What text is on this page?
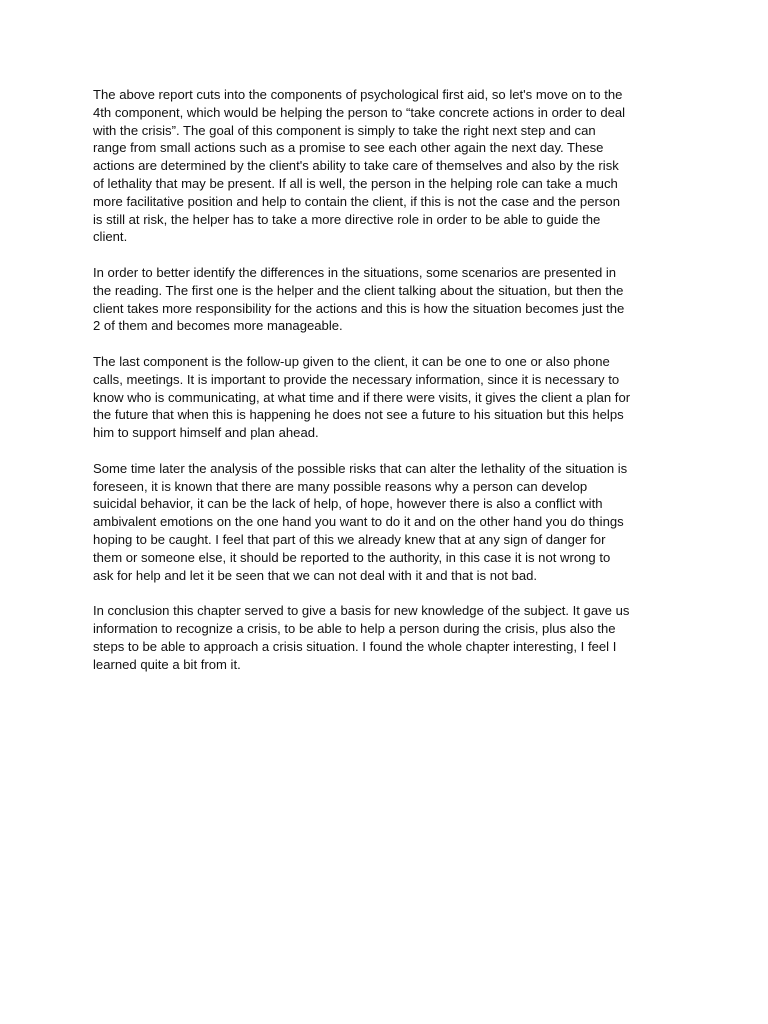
The above report cuts into the components of psychological first aid, so let's move on to the
4th component, which would be helping the person to “take concrete actions in order to deal
with the crisis”. The goal of this component is simply to take the right next step and can
range from small actions such as a promise to see each other again the next day. These
actions are determined by the client's ability to take care of themselves and also by the risk
of lethality that may be present. If all is well, the person in the helping role can take a much
more facilitative position and help to contain the client, if this is not the case and the person
is still at risk, the helper has to take a more directive role in order to be able to guide the
client.

In order to better identify the differences in the situations, some scenarios are presented in
the reading. The first one is the helper and the client talking about the situation, but then the
client takes more responsibility for the actions and this is how the situation becomes just the
2 of them and becomes more manageable.

The last component is the follow-up given to the client, it can be one to one or also phone
calls, meetings. It is important to provide the necessary information, since it is necessary to
know who is communicating, at what time and if there were visits, it gives the client a plan for
the future that when this is happening he does not see a future to his situation but this helps
him to support himself and plan ahead.

Some time later the analysis of the possible risks that can alter the lethality of the situation is
foreseen, it is known that there are many possible reasons why a person can develop
suicidal behavior, it can be the lack of help, of hope, however there is also a conflict with
ambivalent emotions on the one hand you want to do it and on the other hand you do things
hoping to be caught. I feel that part of this we already knew that at any sign of danger for
them or someone else, it should be reported to the authority, in this case it is not wrong to
ask for help and let it be seen that we can not deal with it and that is not bad.

In conclusion this chapter served to give a basis for new knowledge of the subject. It gave us
information to recognize a crisis, to be able to help a person during the crisis, plus also the
steps to be able to approach a crisis situation. I found the whole chapter interesting, I feel I
learned quite a bit from it.
